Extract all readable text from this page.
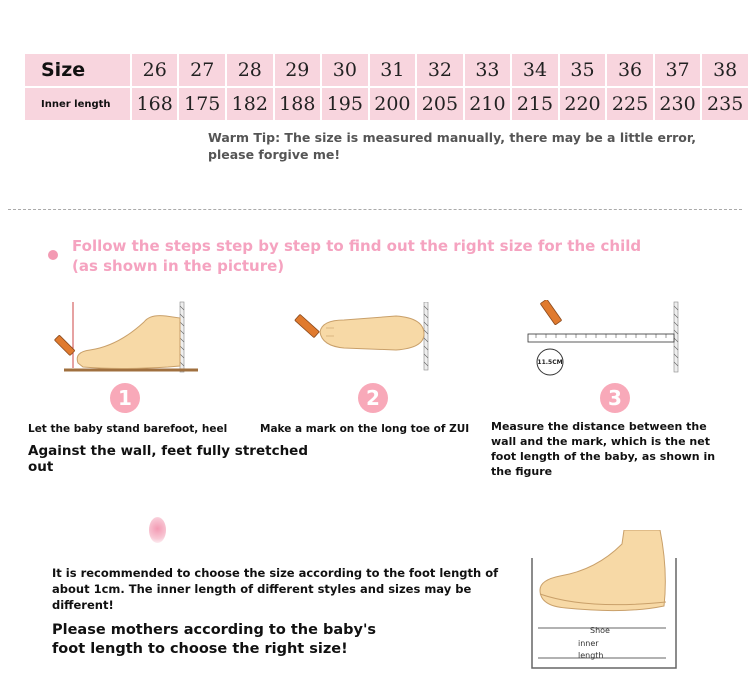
Size	26	27	28	29	30	31	32	33	34	35	36	37	38
Inner length	168	175	182	188	195	200	205	210	215	220	225	230	235
Warm Tip: The size is measured manually, there may be a little error, please forgive me!
Follow the steps step by step to find out the right size for the child (as shown in the picture)
1
Let the baby stand barefoot, heel
Against the wall, feet fully stretched out
2
Make a mark on the long toe of ZUI
11.5CM
3
Measure the distance between the wall and the mark, which is the net foot length of the baby, as shown in the figure
It is recommended to choose the size according to the foot length of about 1cm. The inner length of different styles and sizes may be different!
Please mothers according to the baby's foot length to choose the right size!
Shoe
inner
length
